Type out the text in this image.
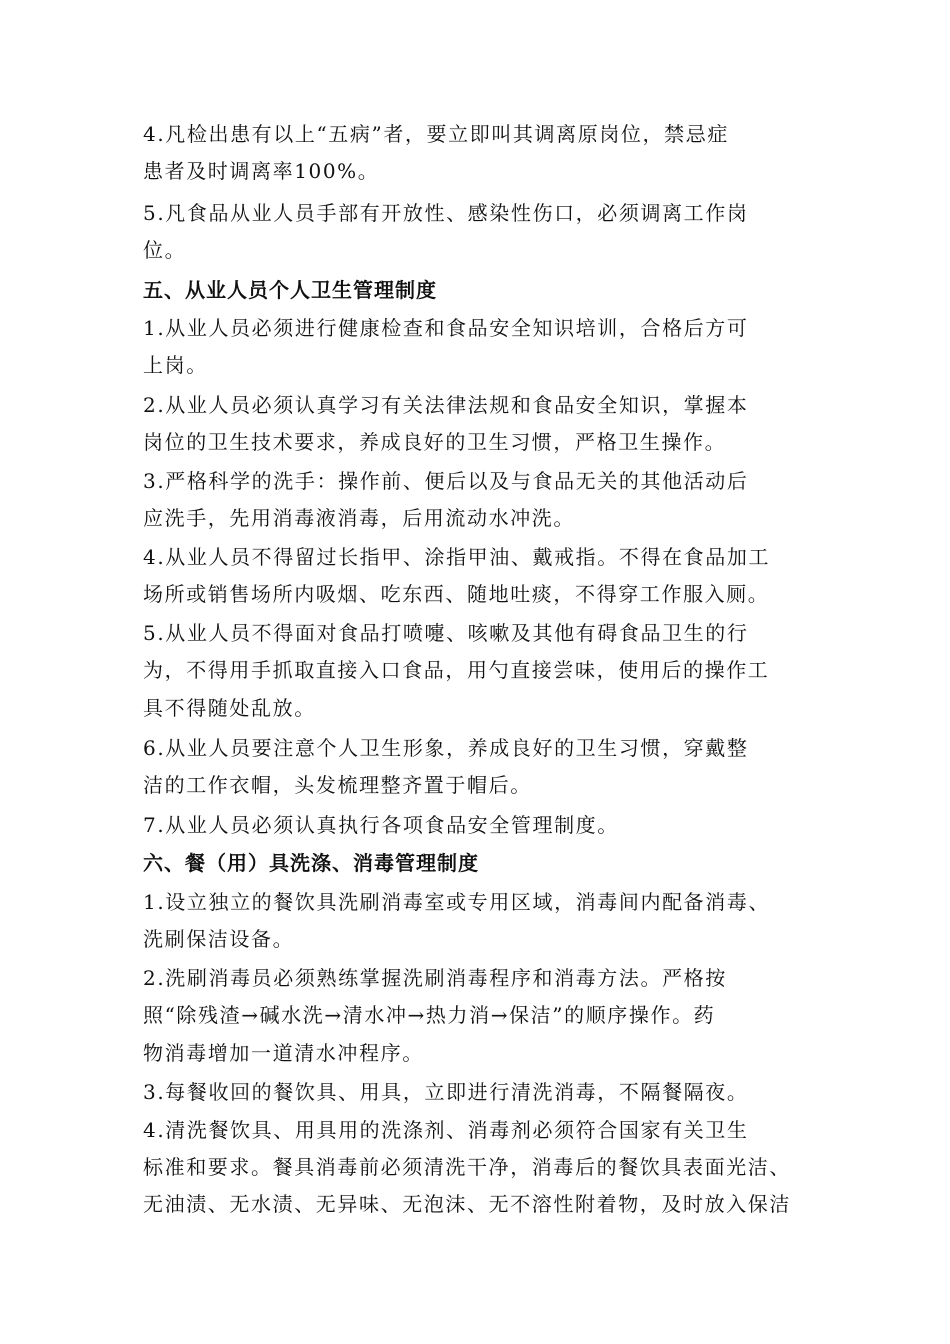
4.凡检出患有以上“五病”者，要立即叫其调离原岗位，禁忌症
患者及时调离率100%。
5.凡食品从业人员手部有开放性、感染性伤口，必须调离工作岗
位。
五、从业人员个人卫生管理制度
1.从业人员必须进行健康检查和食品安全知识培训，合格后方可
上岗。
2.从业人员必须认真学习有关法律法规和食品安全知识，掌握本
岗位的卫生技术要求，养成良好的卫生习惯，严格卫生操作。
3.严格科学的洗手：操作前、便后以及与食品无关的其他活动后
应洗手，先用消毒液消毒，后用流动水冲洗。
4.从业人员不得留过长指甲、涂指甲油、戴戒指。不得在食品加工
场所或销售场所内吸烟、吃东西、随地吐痰，不得穿工作服入厕。
5.从业人员不得面对食品打喷嚏、咳嗽及其他有碍食品卫生的行
为，不得用手抓取直接入口食品，用勺直接尝味，使用后的操作工
具不得随处乱放。
6.从业人员要注意个人卫生形象，养成良好的卫生习惯，穿戴整
洁的工作衣帽，头发梳理整齐置于帽后。
7.从业人员必须认真执行各项食品安全管理制度。
六、餐（用）具洗涤、消毒管理制度
1.设立独立的餐饮具洗刷消毒室或专用区域，消毒间内配备消毒、
洗刷保洁设备。
2.洗刷消毒员必须熟练掌握洗刷消毒程序和消毒方法。严格按
照“除残渣→碱水洗→清水冲→热力消→保洁”的顺序操作。药
物消毒增加一道清水冲程序。
3.每餐收回的餐饮具、用具，立即进行清洗消毒，不隔餐隔夜。
4.清洗餐饮具、用具用的洗涤剂、消毒剂必须符合国家有关卫生
标准和要求。餐具消毒前必须清洗干净，消毒后的餐饮具表面光洁、
无油渍、无水渍、无异味、无泡沫、无不溶性附着物，及时放入保洁
